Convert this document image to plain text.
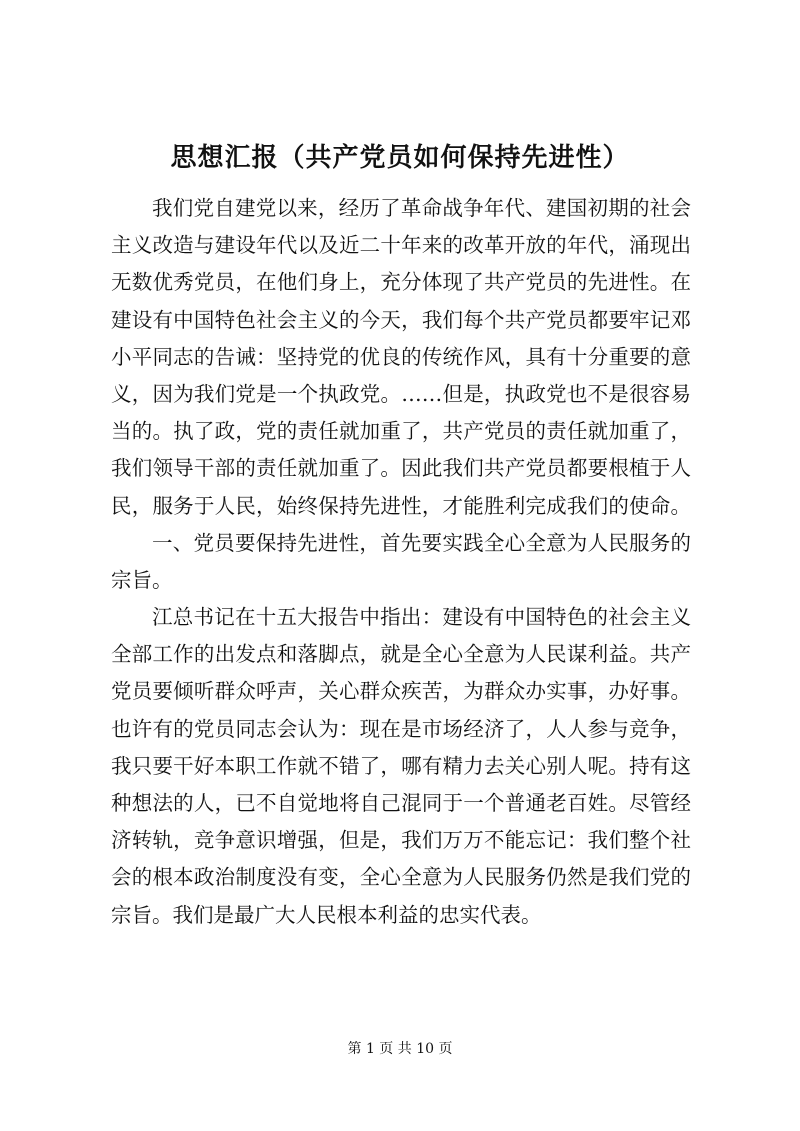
思想汇报（共产党员如何保持先进性）
我们党自建党以来，经历了革命战争年代、建国初期的社会
主义改造与建设年代以及近二十年来的改革开放的年代，涌现出
无数优秀党员，在他们身上，充分体现了共产党员的先进性。在
建设有中国特色社会主义的今天，我们每个共产党员都要牢记邓
小平同志的告诫：坚持党的优良的传统作风，具有十分重要的意
义，因为我们党是一个执政党。……但是，执政党也不是很容易
当的。执了政，党的责任就加重了，共产党员的责任就加重了，
我们领导干部的责任就加重了。因此我们共产党员都要根植于人
民，服务于人民，始终保持先进性，才能胜利完成我们的使命。
一、党员要保持先进性，首先要实践全心全意为人民服务的
宗旨。
江总书记在十五大报告中指出：建设有中国特色的社会主义
全部工作的出发点和落脚点，就是全心全意为人民谋利益。共产
党员要倾听群众呼声，关心群众疾苦，为群众办实事，办好事。
也许有的党员同志会认为：现在是市场经济了，人人参与竞争，
我只要干好本职工作就不错了，哪有精力去关心别人呢。持有这
种想法的人，已不自觉地将自己混同于一个普通老百姓。尽管经
济转轨，竞争意识增强，但是，我们万万不能忘记：我们整个社
会的根本政治制度没有变，全心全意为人民服务仍然是我们党的
宗旨。我们是最广大人民根本利益的忠实代表。
第 1 页 共 10 页
